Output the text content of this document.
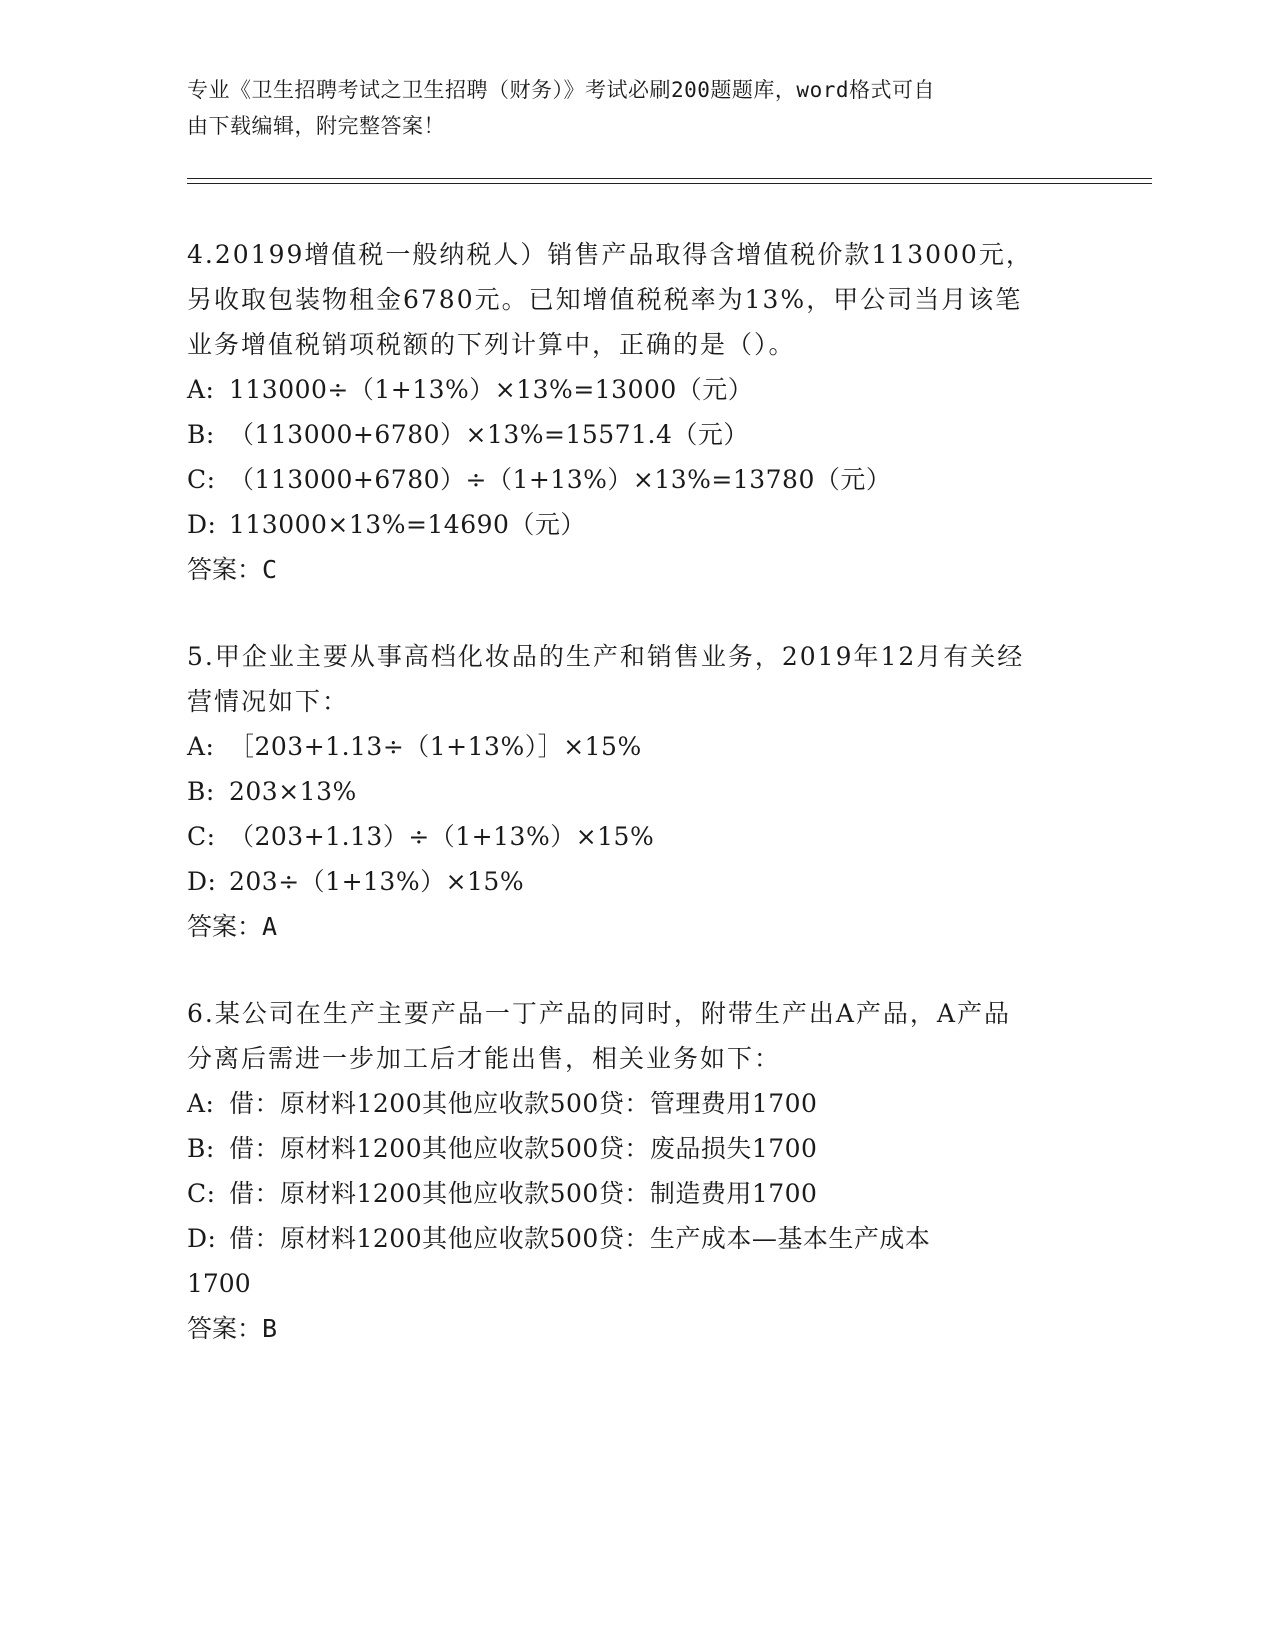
专业《卫生招聘考试之卫生招聘（财务）》考试必刷200题题库，word格式可自
由下载编辑，附完整答案！
4.20199增值税一般纳税人）销售产品取得含增值税价款113000元，
另收取包装物租金6780元。已知增值税税率为13%，甲公司当月该笔
业务增值税销项税额的下列计算中，正确的是（）。
A: 113000÷（1+13%）×13%=13000（元）
B: （113000+6780）×13%=15571.4（元）
C: （113000+6780）÷（1+13%）×13%=13780（元）
D: 113000×13%=14690（元）
答案：C
5.甲企业主要从事高档化妆品的生产和销售业务，2019年12月有关经
营情况如下：
A: ［203+1.13÷（1+13%）］×15%
B: 203×13%
C: （203+1.13）÷（1+13%）×15%
D: 203÷（1+13%）×15%
答案：A
6.某公司在生产主要产品一丁产品的同时，附带生产出A产品，A产品
分离后需进一步加工后才能出售，相关业务如下：
A: 借：原材料1200其他应收款500贷：管理费用1700
B: 借：原材料1200其他应收款500贷：废品损失1700
C: 借：原材料1200其他应收款500贷：制造费用1700
D: 借：原材料1200其他应收款500贷：生产成本—基本生产成本
1700
答案：B
